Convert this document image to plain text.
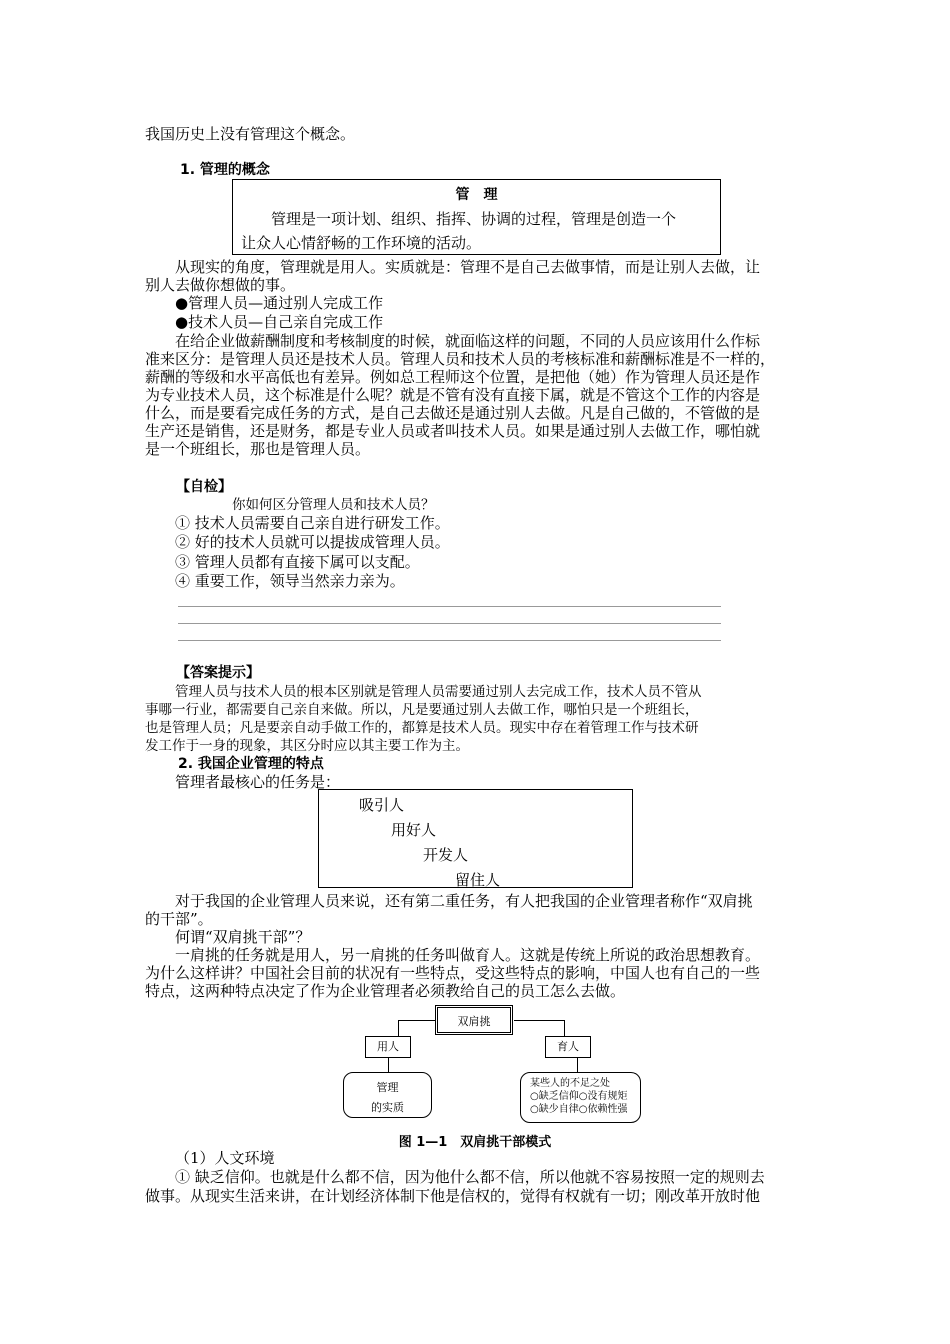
我国历史上没有管理这个概念。
1. 管理的概念
管　理
　　管理是一项计划、组织、指挥、协调的过程，管理是创造一个
让众人心情舒畅的工作环境的活动。
　　从现实的角度，管理就是用人。实质就是：管理不是自己去做事情，而是让别人去做，让
别人去做你想做的事。
●管理人员—通过别人完成工作
●技术人员—自己亲自完成工作
在给企业做薪酬制度和考核制度的时候，就面临这样的问题，不同的人员应该用什么作标
准来区分：是管理人员还是技术人员。管理人员和技术人员的考核标准和薪酬标准是不一样的，
薪酬的等级和水平高低也有差异。例如总工程师这个位置，是把他（她）作为管理人员还是作
为专业技术人员，这个标准是什么呢？就是不管有没有直接下属，就是不管这个工作的内容是
什么，而是要看完成任务的方式，是自己去做还是通过别人去做。凡是自己做的，不管做的是
生产还是销售，还是财务，都是专业人员或者叫技术人员。如果是通过别人去做工作，哪怕就
是一个班组长，那也是管理人员。
【自检】
你如何区分管理人员和技术人员？
① 技术人员需要自己亲自进行研发工作。
② 好的技术人员就可以提拔成管理人员。
③ 管理人员都有直接下属可以支配。
④ 重要工作，领导当然亲力亲为。
【答案提示】
管理人员与技术人员的根本区别就是管理人员需要通过别人去完成工作，技术人员不管从
事哪一行业，都需要自己亲自来做。所以，凡是要通过别人去做工作，哪怕只是一个班组长，
也是管理人员；凡是要亲自动手做工作的，都算是技术人员。现实中存在着管理工作与技术研
发工作于一身的现象，其区分时应以其主要工作为主。
2. 我国企业管理的特点
管理者最核心的任务是：
吸引人
用好人
开发人
留住人
　　对于我国的企业管理人员来说，还有第二重任务，有人把我国的企业管理者称作“双肩挑
的干部”。
　　何谓“双肩挑干部”？
　　一肩挑的任务就是用人，另一肩挑的任务叫做育人。这就是传统上所说的政治思想教育。
为什么这样讲？中国社会目前的状况有一些特点，受这些特点的影响，中国人也有自己的一些
特点，这两种特点决定了作为企业管理者必须教给自己的员工怎么去做。
双肩挑
用人	育人
管理
的实质
某些人的不足之处
○缺乏信仰○没有规矩
○缺少自律○依赖性强
图 1—1　双肩挑干部模式
（1）人文环境
① 缺乏信仰。也就是什么都不信，因为他什么都不信，所以他就不容易按照一定的规则去
做事。从现实生活来讲，在计划经济体制下他是信权的，觉得有权就有一切；刚改革开放时他
